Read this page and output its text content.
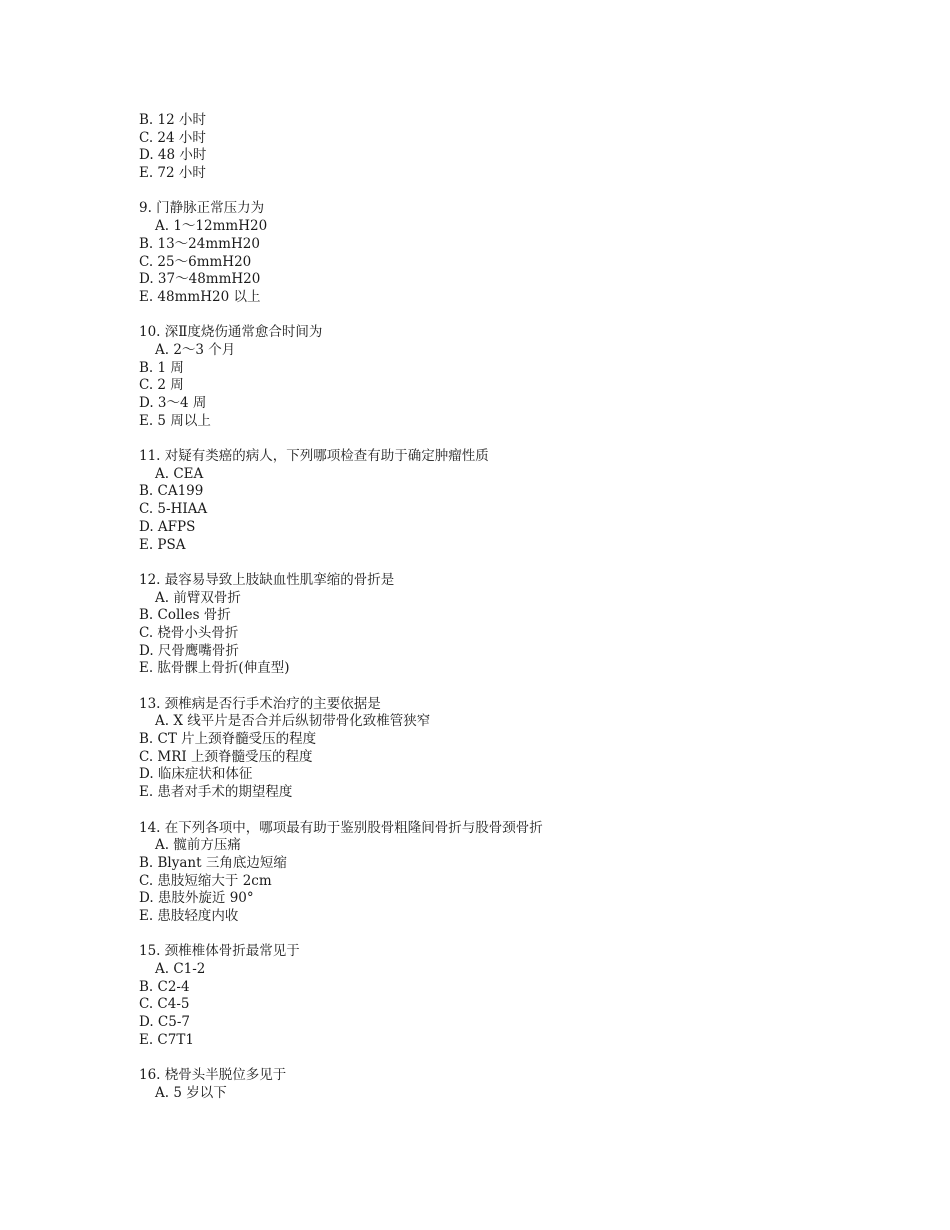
B. 12 小时
C. 24 小时
D. 48 小时
E. 72 小时
9. 门静脉正常压力为
A. 1～12mmH20
B. 13～24mmH20
C. 25～6mmH20
D. 37～48mmH20
E. 48mmH20 以上
10. 深Ⅱ度烧伤通常愈合时间为
A. 2～3 个月
B. 1 周
C. 2 周
D. 3～4 周
E. 5 周以上
11. 对疑有类癌的病人，下列哪项检查有助于确定肿瘤性质
A. CEA
B. CA199
C. 5-HIAA
D. AFPS
E. PSA
12. 最容易导致上肢缺血性肌挛缩的骨折是
A. 前臂双骨折
B. Colles 骨折
C. 桡骨小头骨折
D. 尺骨鹰嘴骨折
E. 肱骨髁上骨折(伸直型)
13. 颈椎病是否行手术治疗的主要依据是
A. X 线平片是否合并后纵韧带骨化致椎管狭窄
B. CT 片上颈脊髓受压的程度
C. MRI 上颈脊髓受压的程度
D. 临床症状和体征
E. 患者对手术的期望程度
14. 在下列各项中，哪项最有助于鉴别股骨粗隆间骨折与股骨颈骨折
A. 髋前方压痛
B. Blyant 三角底边短缩
C. 患肢短缩大于 2cm
D. 患肢外旋近 90°
E. 患肢轻度内收
15. 颈椎椎体骨折最常见于
A. C1-2
B. C2-4
C. C4-5
D. C5-7
E. C7T1
16. 桡骨头半脱位多见于
A. 5 岁以下
